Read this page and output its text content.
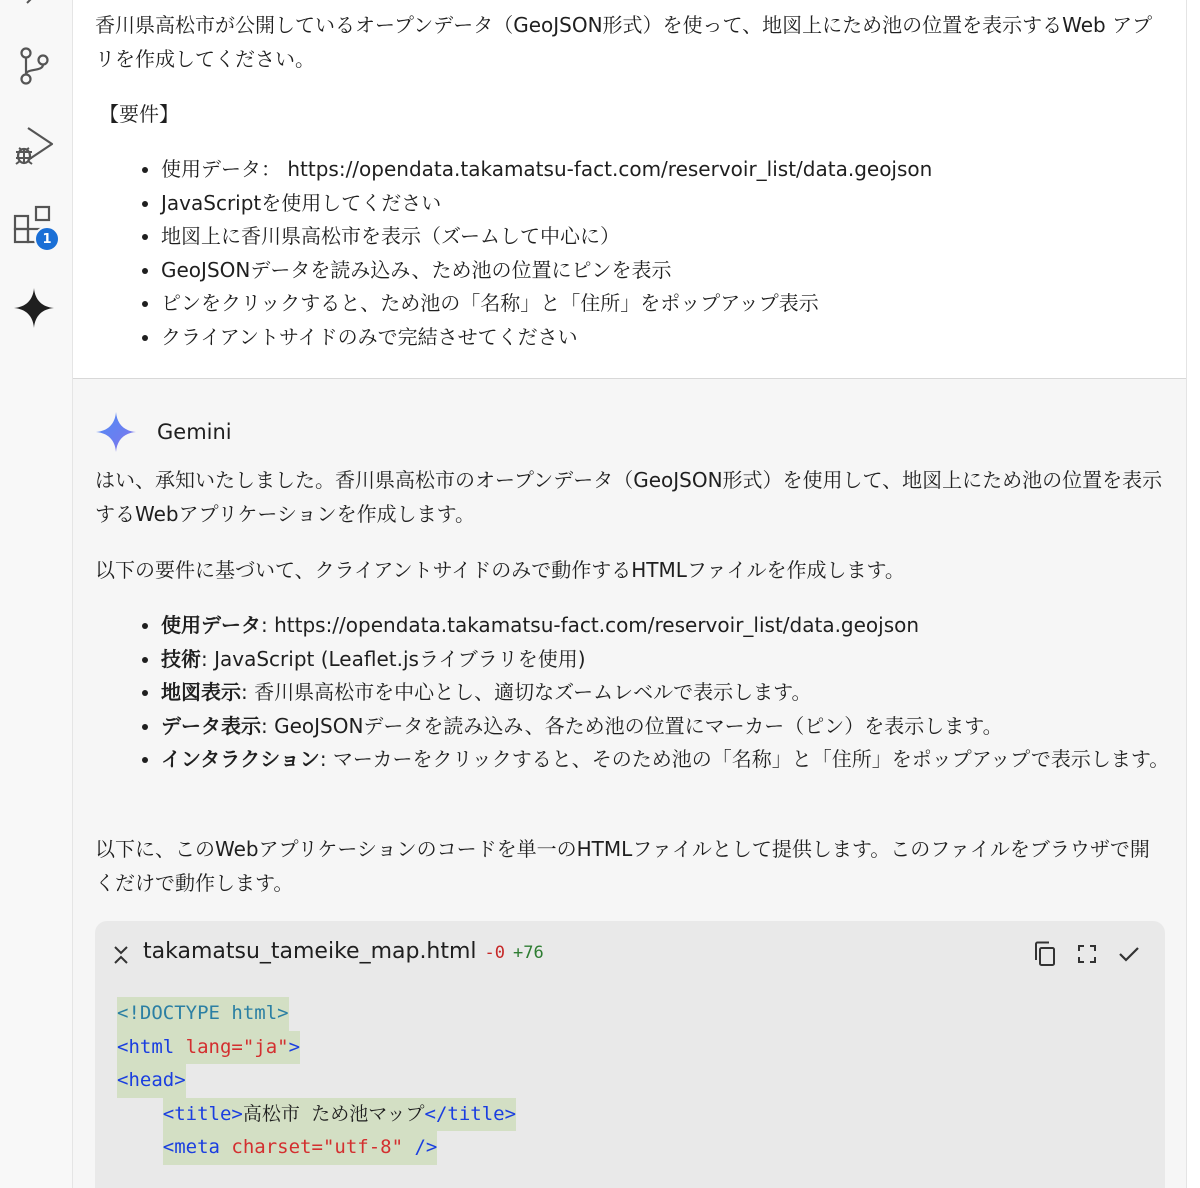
1

香川県高松市が公開しているオープンデータ（GeoJSON形式）を使って、地図上にため池の位置を表示するWeb アプリを作成してください。

【要件】

• 使用データ： https://opendata.takamatsu-fact.com/reservoir_list/data.geojson
• JavaScriptを使用してください
• 地図上に香川県高松市を表示（ズームして中心に）
• GeoJSONデータを読み込み、ため池の位置にピンを表示
• ピンをクリックすると、ため池の「名称」と「住所」をポップアップ表示
• クライアントサイドのみで完結させてください
Gemini

はい、承知いたしました。香川県高松市のオープンデータ（GeoJSON形式）を使用して、地図上にため池の位置を表示するWebアプリケーションを作成します。

以下の要件に基づいて、クライアントサイドのみで動作するHTMLファイルを作成します。

• 使用データ: https://opendata.takamatsu-fact.com/reservoir_list/data.geojson
• 技術: JavaScript (Leaflet.jsライブラリを使用)
• 地図表示: 香川県高松市を中心とし、適切なズームレベルで表示します。
• データ表示: GeoJSONデータを読み込み、各ため池の位置にマーカー（ピン）を表示します。
• インタラクション: マーカーをクリックすると、そのため池の「名称」と「住所」をポップアップで表示します。

以下に、このWebアプリケーションのコードを単一のHTMLファイルとして提供します。このファイルをブラウザで開くだけで動作します。

takamatsu_tameike_map.html -0 +76
<!DOCTYPE html>
<html lang="ja">
<head>
<title>高松市 ため池マップ</title>
<meta charset="utf-8" />
